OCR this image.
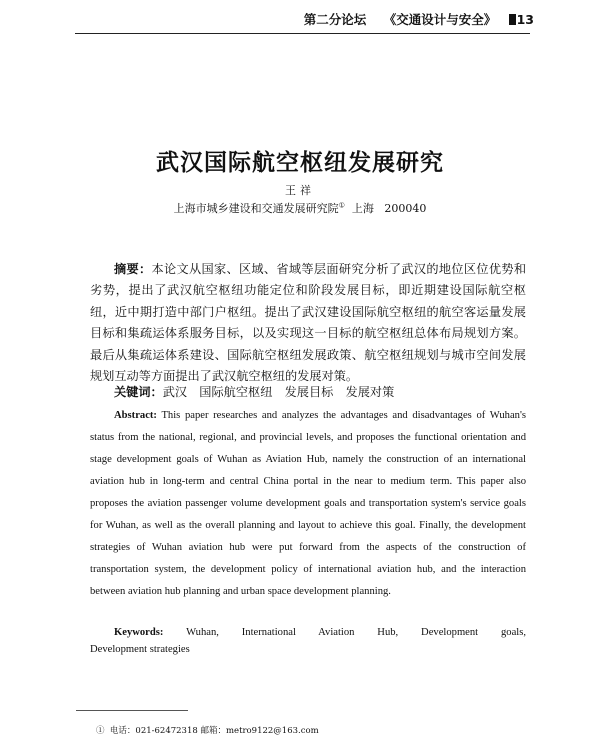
第二分论坛 《交通设计与安全》 13
武汉国际航空枢纽发展研究
王祥
上海市城乡建设和交通发展研究院① 上海 200040
摘要：本论文从国家、区域、省域等层面研究分析了武汉的地位区位优势和劣势，提出了武汉航空枢纽功能定位和阶段发展目标，即近期建设国际航空枢纽，近中期打造中部门户枢纽。提出了武汉建设国际航空枢纽的航空客运量发展目标和集疏运体系服务目标，以及实现这一目标的航空枢纽总体布局规划方案。最后从集疏运体系建设、国际航空枢纽发展政策、航空枢纽规划与城市空间发展规划互动等方面提出了武汉航空枢纽的发展对策。
关键词：武汉　国际航空枢纽　发展目标　发展对策
Abstract: This paper researches and analyzes the advantages and disadvantages of Wuhan's status from the national, regional, and provincial levels, and proposes the functional orientation and stage development goals of Wuhan as Aviation Hub, namely the construction of an international aviation hub in long-term and central China portal in the near to medium term. This paper also proposes the aviation passenger volume development goals and transportation system's service goals for Wuhan, as well as the overall planning and layout to achieve this goal. Finally, the development strategies of Wuhan aviation hub were put forward from the aspects of the construction of transportation system, the development policy of international aviation hub, and the interaction between aviation hub planning and urban space development planning.
Keywords: Wuhan, International Aviation Hub, Development goals,
Development strategies
① 电话：021-62472318 邮箱：metro9122@163.com
